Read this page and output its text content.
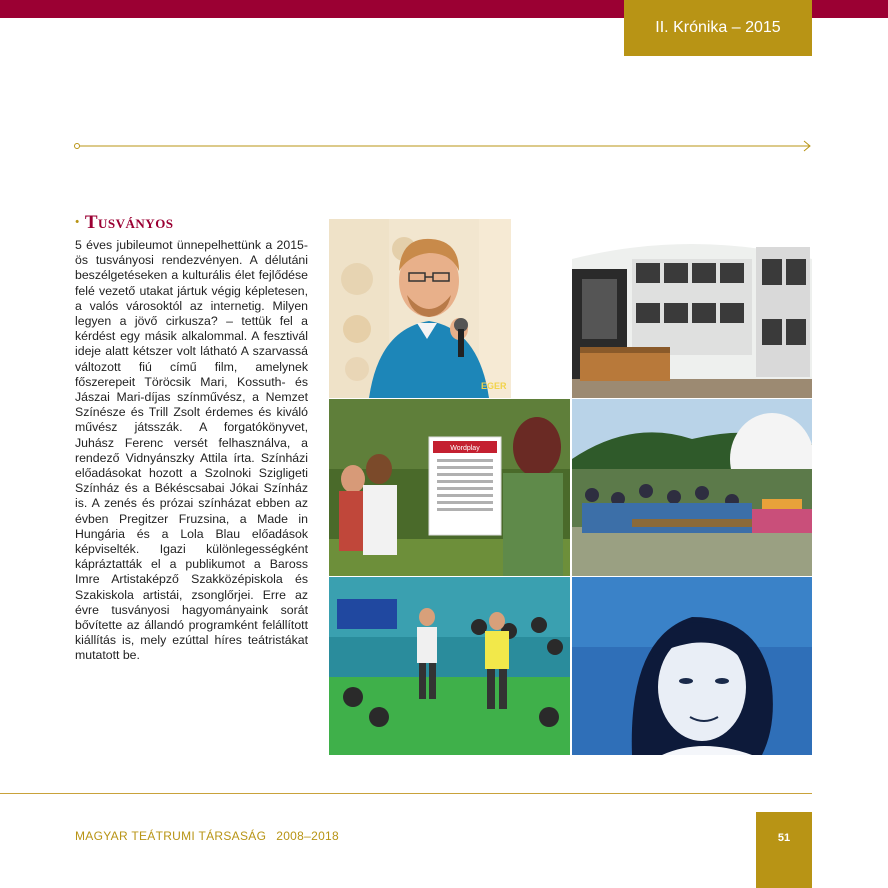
II. Krónika – 2015
· Tusványos
5 éves jubileumot ünnepelhettünk a 2015-ös tusványosi rendezvényen. A délutáni beszélgetéseken a kulturális élet fejlődése felé vezető utakat jártuk végig képletesen, a valós városoktól az internetig. Milyen legyen a jövő cirkusza? – tettük fel a kérdést egy másik alkalommal. A fesztivál ideje alatt kétszer volt látható A szarvassá változott fiú című film, amelynek főszerepeit Töröcsik Mari, Kossuth- és Jászai Mari-díjas színművész, a Nemzet Színésze és Trill Zsolt érdemes és kiváló művész játsszák. A forgatókönyvet, Juhász Ferenc versét felhasználva, a rendező Vidnyánszky Attila írta. Színházi előadásokat hozott a Szolnoki Szigligeti Színház és a Békéscsabai Jókai Színház is. A zenés és prózai színházat ebben az évben Pregitzer Fruzsina, a Made in Hungária és a Lola Blau előadások képviselték. Igazi különlegességként kápráztatták el a publikumot a Baross Imre Artistaképző Szakközépiskola és Szakiskola artistái, zsonglőrjei. Erre az évre tusványosi hagyományaink sorát bővítette az állandó programként felállított kiállítás is, mely ezúttal híres teátristákat mutatott be.
EGER
Wordplay
MAGYAR TEÁTRUMI TÁRSASÁG 2008–2018	51
